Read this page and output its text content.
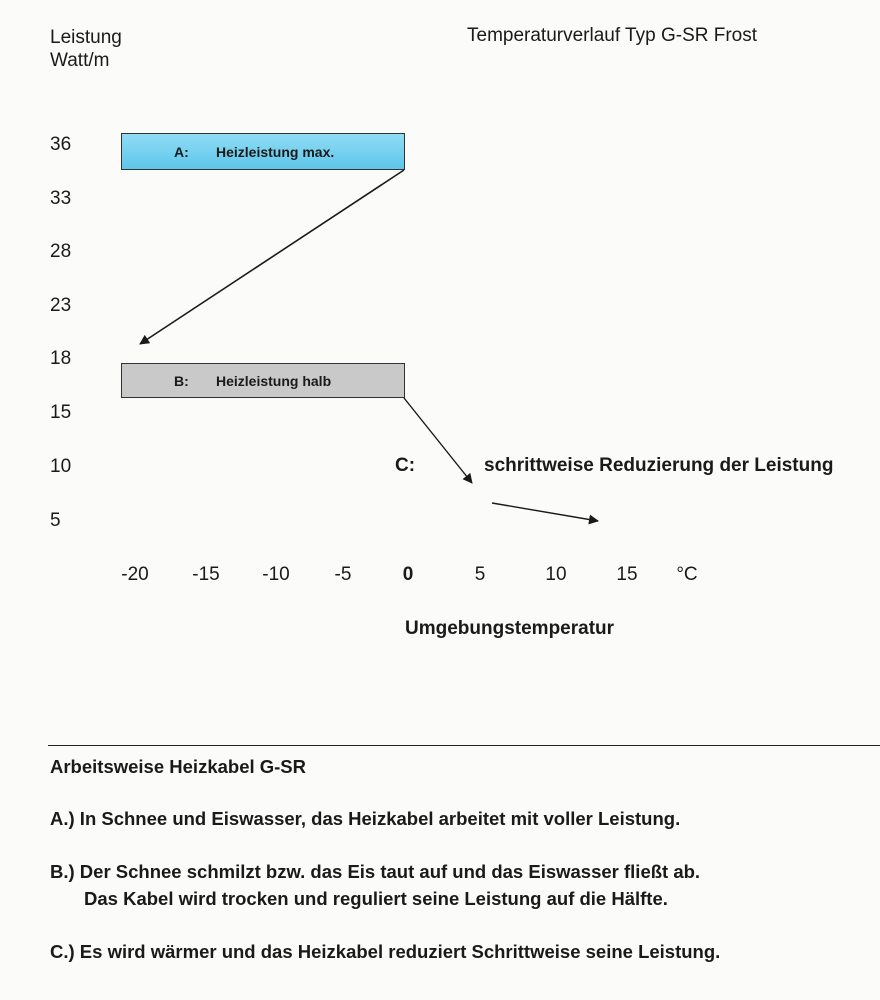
Leistung
Watt/m
Temperaturverlauf Typ G-SR Frost
36
33
28
23
18
15
10
5
A: Heizleistung max.
B: Heizleistung halb
C:	schrittweise Reduzierung der Leistung
-20 -15 -10 -5	0	5	10	15 °C
Umgebungstemperatur
Arbeitsweise Heizkabel G-SR
A.) In Schnee und Eiswasser, das Heizkabel arbeitet mit voller Leistung.
B.) Der Schnee schmilzt bzw. das Eis taut auf und das Eiswasser fließt ab.
Das Kabel wird trocken und reguliert seine Leistung auf die Hälfte.
C.) Es wird wärmer und das Heizkabel reduziert Schrittweise seine Leistung.
